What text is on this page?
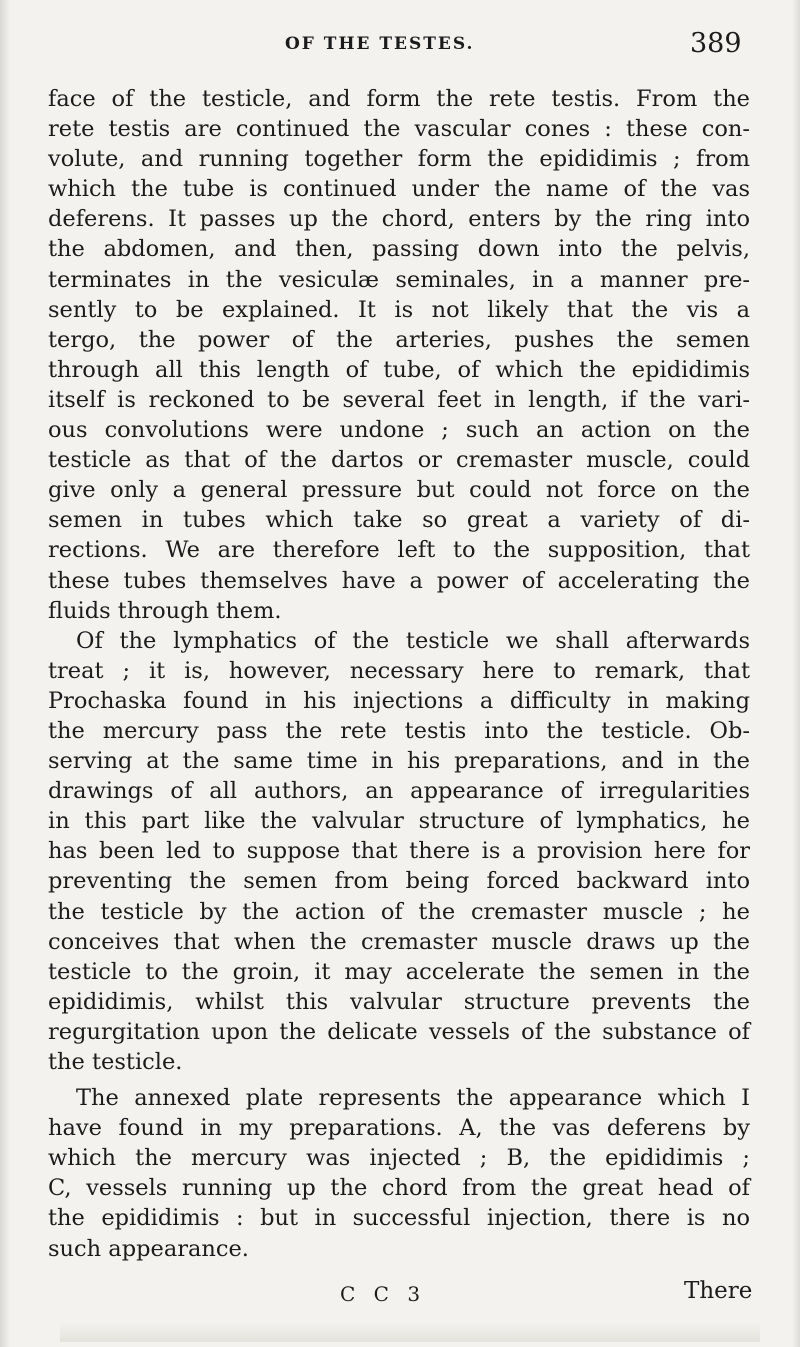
OF THE TESTES.	389
face of the testicle, and form the rete testis. From the
rete testis are continued the vascular cones : these con-
volute, and running together form the epididimis ; from
which the tube is continued under the name of the vas
deferens. It passes up the chord, enters by the ring into
the abdomen, and then, passing down into the pelvis,
terminates in the vesiculæ seminales, in a manner pre-
sently to be explained. It is not likely that the vis a
tergo, the power of the arteries, pushes the semen
through all this length of tube, of which the epididimis
itself is reckoned to be several feet in length, if the vari-
ous convolutions were undone ; such an action on the
testicle as that of the dartos or cremaster muscle, could
give only a general pressure but could not force on the
semen in tubes which take so great a variety of di-
rections. We are therefore left to the supposition, that
these tubes themselves have a power of accelerating the
fluids through them.
Of the lymphatics of the testicle we shall afterwards
treat ; it is, however, necessary here to remark, that
Prochaska found in his injections a difficulty in making
the mercury pass the rete testis into the testicle. Ob-
serving at the same time in his preparations, and in the
drawings of all authors, an appearance of irregularities
in this part like the valvular structure of lymphatics, he
has been led to suppose that there is a provision here for
preventing the semen from being forced backward into
the testicle by the action of the cremaster muscle ; he
conceives that when the cremaster muscle draws up the
testicle to the groin, it may accelerate the semen in the
epididimis, whilst this valvular structure prevents the
regurgitation upon the delicate vessels of the substance of
the testicle.
The annexed plate represents the appearance which I
have found in my preparations. A, the vas deferens by
which the mercury was injected ; B, the epididimis ;
C, vessels running up the chord from the great head of
the epididimis : but in successful injection, there is no
such appearance.
C C 3	There
